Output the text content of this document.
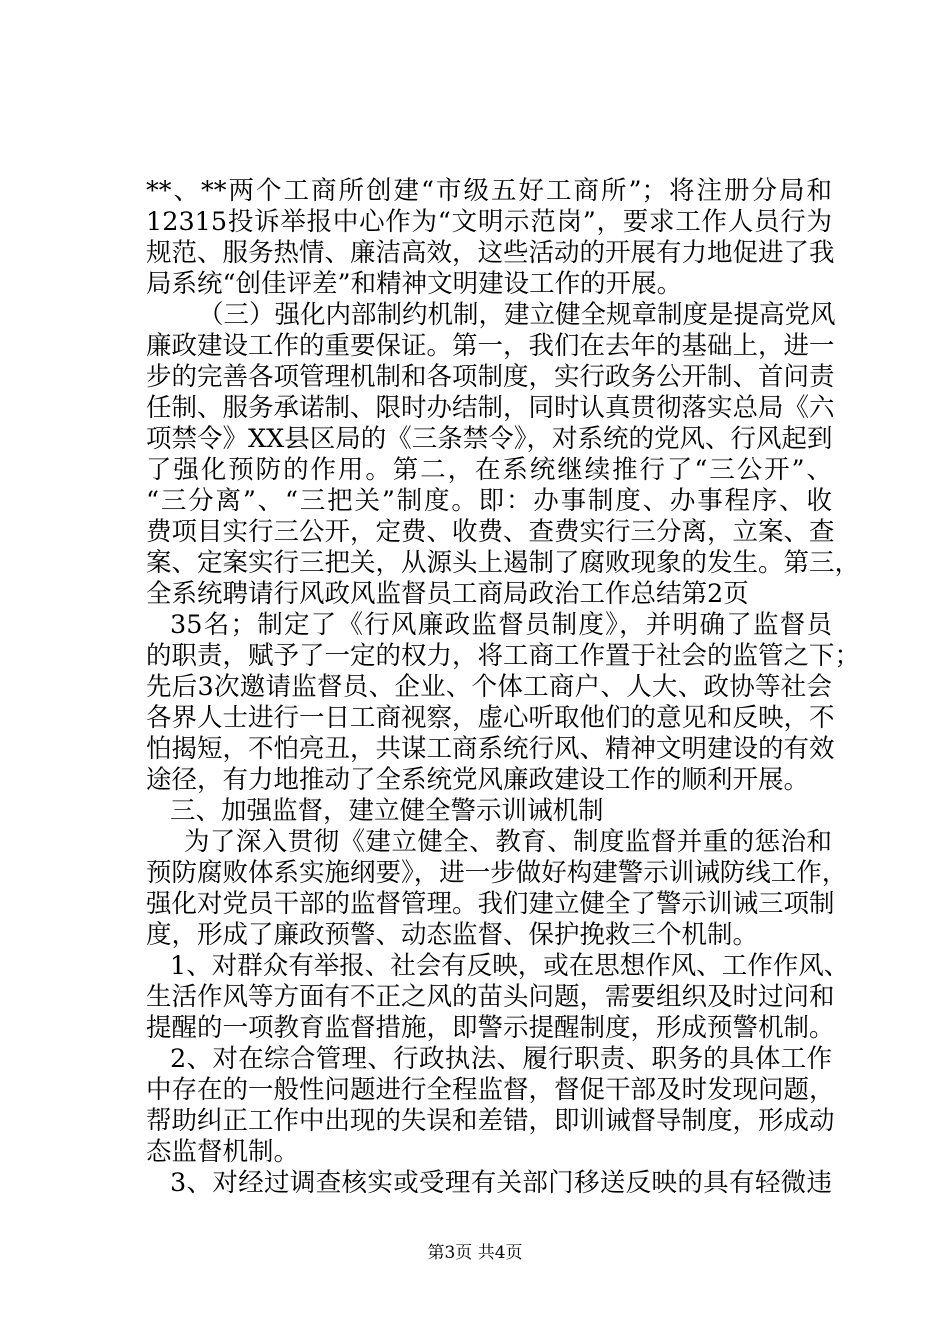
**、**两个工商所创建“市级五好工商所”；将注册分局和
12315投诉举报中心作为“文明示范岗”，要求工作人员行为
规范、服务热情、廉洁高效，这些活动的开展有力地促进了我
局系统“创佳评差”和精神文明建设工作的开展。
（三）强化内部制约机制，建立健全规章制度是提高党风
廉政建设工作的重要保证。第一，我们在去年的基础上，进一
步的完善各项管理机制和各项制度，实行政务公开制、首问责
任制、服务承诺制、限时办结制，同时认真贯彻落实总局《六
项禁令》XX县区局的《三条禁令》，对系统的党风、行风起到
了强化预防的作用。第二，在系统继续推行了“三公开”、
“三分离”、“三把关”制度。即：办事制度、办事程序、收
费项目实行三公开，定费、收费、查费实行三分离，立案、查
案、定案实行三把关，从源头上遏制了腐败现象的发生。第三，
全系统聘请行风政风监督员工商局政治工作总结第2页
35名；制定了《行风廉政监督员制度》，并明确了监督员
的职责，赋予了一定的权力，将工商工作置于社会的监管之下；
先后3次邀请监督员、企业、个体工商户、人大、政协等社会
各界人士进行一日工商视察，虚心听取他们的意见和反映，不
怕揭短，不怕亮丑，共谋工商系统行风、精神文明建设的有效
途径，有力地推动了全系统党风廉政建设工作的顺利开展。
三、加强监督，建立健全警示训诫机制
为了深入贯彻《建立健全、教育、制度监督并重的惩治和
预防腐败体系实施纲要》，进一步做好构建警示训诫防线工作，
强化对党员干部的监督管理。我们建立健全了警示训诫三项制
度，形成了廉政预警、动态监督、保护挽救三个机制。
1、对群众有举报、社会有反映，或在思想作风、工作作风、
生活作风等方面有不正之风的苗头问题，需要组织及时过问和
提醒的一项教育监督措施，即警示提醒制度，形成预警机制。
2、对在综合管理、行政执法、履行职责、职务的具体工作
中存在的一般性问题进行全程监督，督促干部及时发现问题，
帮助纠正工作中出现的失误和差错，即训诫督导制度，形成动
态监督机制。
3、对经过调查核实或受理有关部门移送反映的具有轻微违
第3页 共4页
